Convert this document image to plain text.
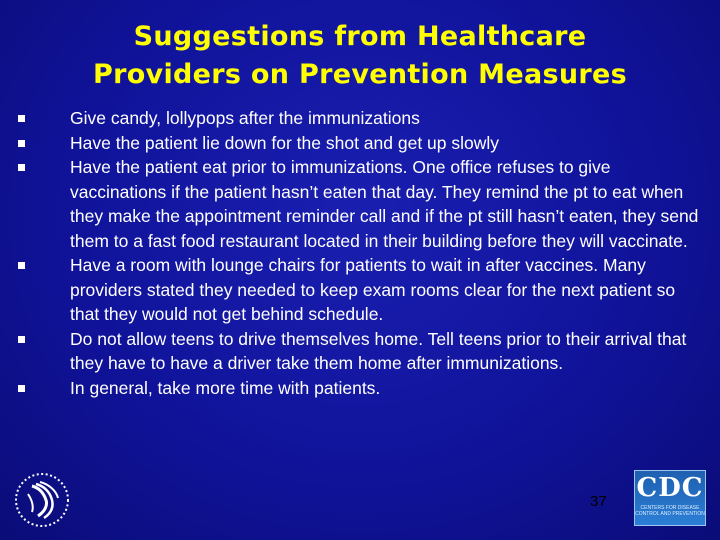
Suggestions from Healthcare
Providers on Prevention Measures
Give candy, lollypops after the immunizations
Have the patient lie down for the shot and get up slowly
Have the patient eat prior to immunizations. One office refuses to give vaccinations if the patient hasn’t eaten that day. They remind the pt to eat when they make the appointment reminder call and if the pt still hasn’t eaten, they send them to a fast food restaurant located in their building before they will vaccinate.
Have a room with lounge chairs for patients to wait in after vaccines. Many providers stated they needed to keep exam rooms clear for the next patient so that they would not get behind schedule.
Do not allow teens to drive themselves home. Tell teens prior to their arrival that they have to have a driver take them home after immunizations.
In general, take more time with patients.
37 CDC
CENTERS FOR DISEASE CONTROL AND PREVENTION
